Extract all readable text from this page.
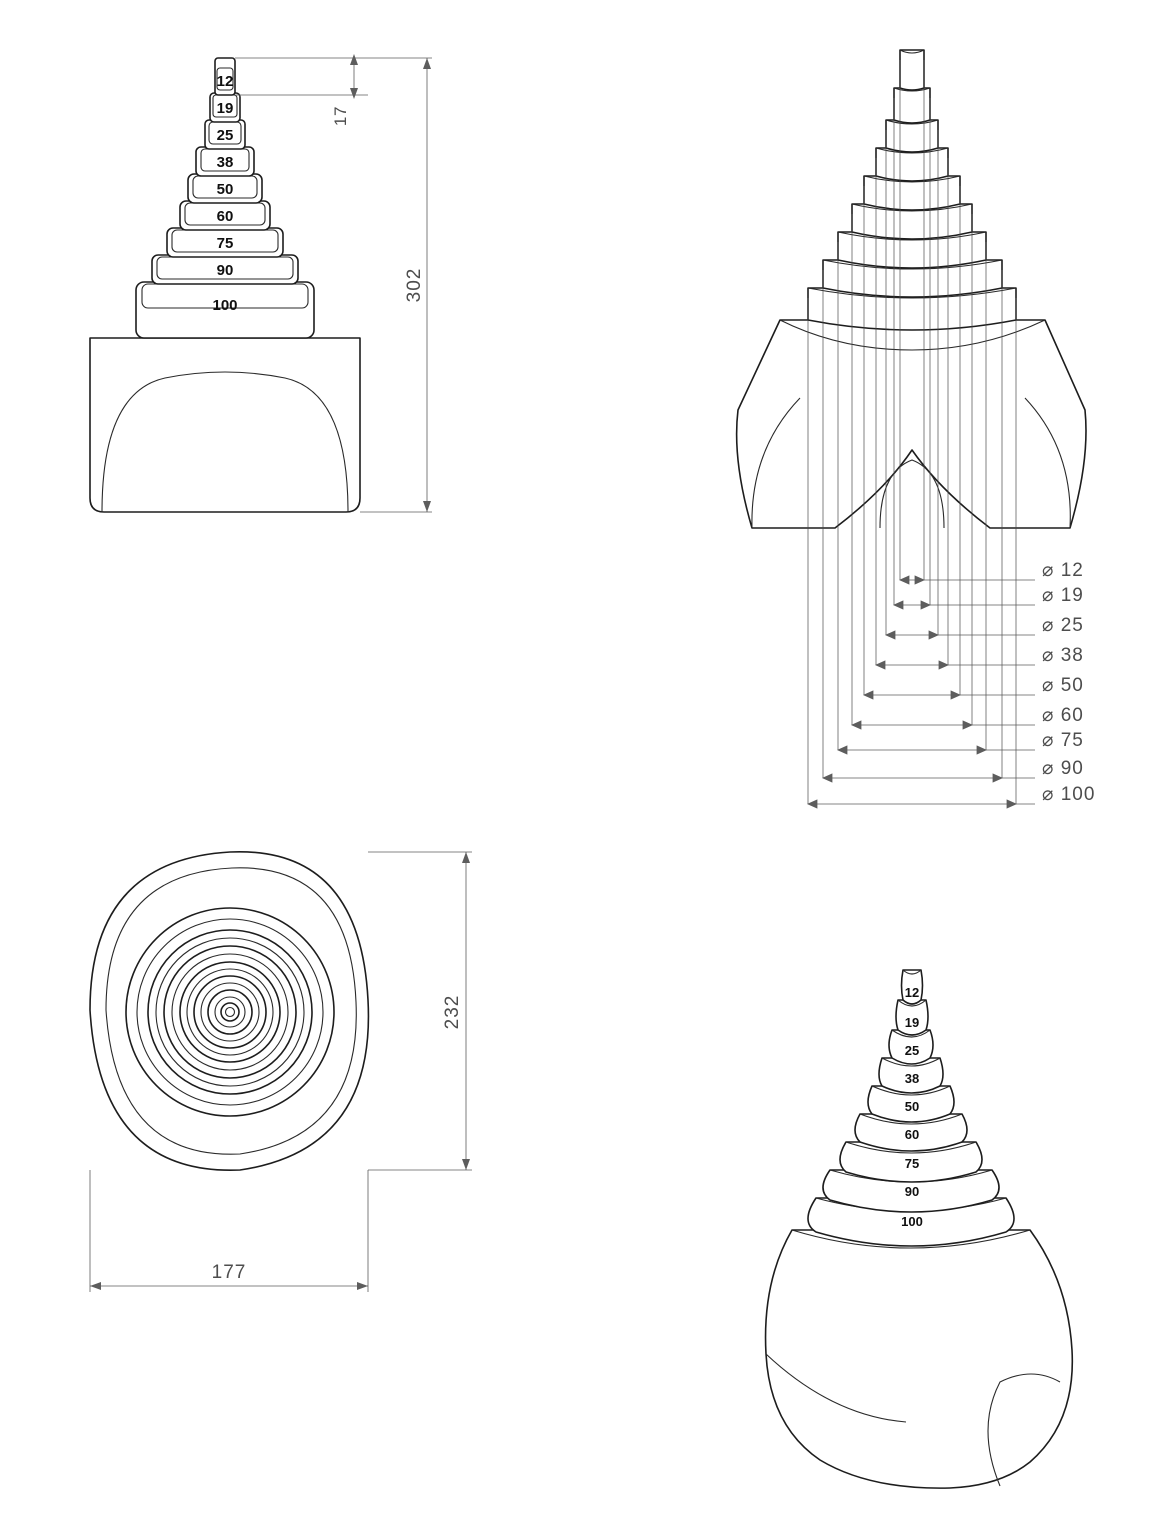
100
90
75
60
50
38
25
19
12
302
17
⌀ 12
⌀ 19
⌀ 25
⌀ 38
⌀ 50
⌀ 60
⌀ 75
⌀ 90
⌀ 100
232
177
100
90
75
60
50
38
25
19
12
